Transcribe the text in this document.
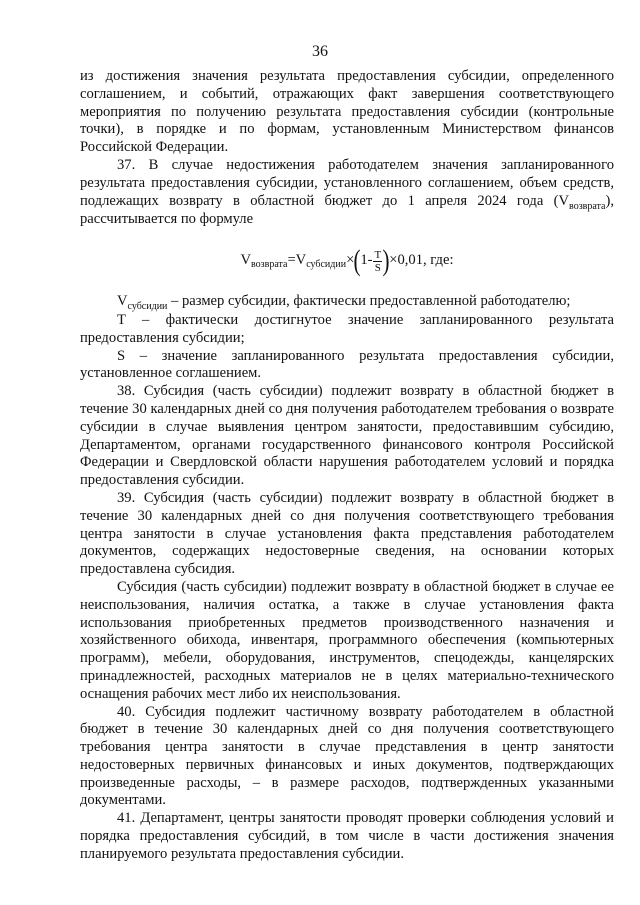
36

из достижения значения результата предоставления субсидии, определенного соглашением, и событий, отражающих факт завершения соответствующего мероприятия по получению результата предоставления субсидии (контрольные точки), в порядке и по формам, установленным Министерством финансов Российской Федерации.

37. В случае недостижения работодателем значения запланированного результата предоставления субсидии, установленного соглашением, объем средств, подлежащих возврату в областной бюджет до 1 апреля 2024 года $(V_{возврата})$, рассчитывается по формуле

V возврата =V субсидии × ( $1- \frac{T}{S}$ ) ×0,01, где:

$V_{субсидии}$ – размер субсидии, фактически предоставленной работодателю;

T – фактически достигнутое значение запланированного результата предоставления субсидии;

S – значение запланированного результата предоставления субсидии, установленное соглашением.

38. Субсидия (часть субсидии) подлежит возврату в областной бюджет в течение 30 календарных дней со дня получения работодателем требования о возврате субсидии в случае выявления центром занятости, предоставившим субсидию, Департаментом, органами государственного финансового контроля Российской Федерации и Свердловской области нарушения работодателем условий и порядка предоставления субсидии.

39. Субсидия (часть субсидии) подлежит возврату в областной бюджет в течение 30 календарных дней со дня получения соответствующего требования центра занятости в случае установления факта представления работодателем документов, содержащих недостоверные сведения, на основании которых предоставлена субсидия.

Субсидия (часть субсидии) подлежит возврату в областной бюджет в случае ее неиспользования, наличия остатка, а также в случае установления факта использования приобретенных предметов производственного назначения и хозяйственного обихода, инвентаря, программного обеспечения (компьютерных программ), мебели, оборудования, инструментов, спецодежды, канцелярских принадлежностей, расходных материалов не в целях материально-технического оснащения рабочих мест либо их неиспользования.

40. Субсидия подлежит частичному возврату работодателем в областной бюджет в течение 30 календарных дней со дня получения соответствующего требования центра занятости в случае представления в центр занятости недостоверных первичных финансовых и иных документов, подтверждающих произведенные расходы, – в размере расходов, подтвержденных указанными документами.

41. Департамент, центры занятости проводят проверки соблюдения условий и порядка предоставления субсидий, в том числе в части достижения значения планируемого результата предоставления субсидии.
